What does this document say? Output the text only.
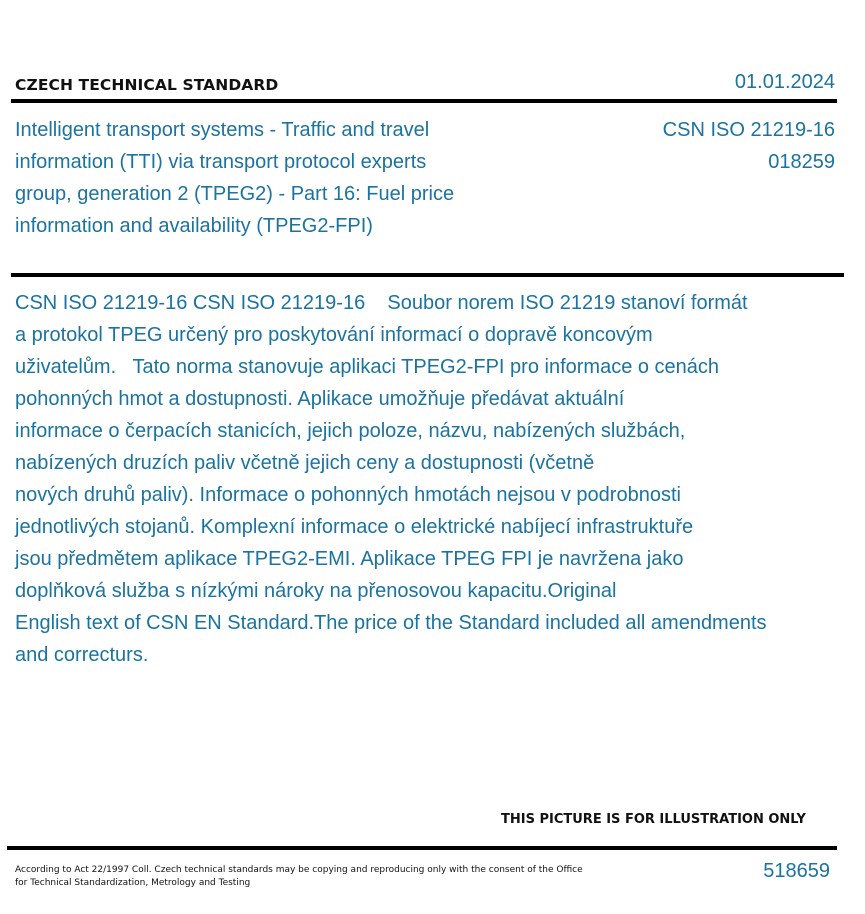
CZECH TECHNICAL STANDARD	01.01.2024
Intelligent transport systems - Traffic and travel
information (TTI) via transport protocol experts
group, generation 2 (TPEG2) - Part 16: Fuel price
information and availability (TPEG2-FPI)
CSN ISO 21219-16
018259
CSN ISO 21219-16 CSN ISO 21219-16    Soubor norem ISO 21219 stanoví formát
a protokol TPEG určený pro poskytování informací o dopravě koncovým
uživatelům.   Tato norma stanovuje aplikaci TPEG2-FPI pro informace o cenách
pohonných hmot a dostupnosti. Aplikace umožňuje předávat aktuální
informace o čerpacích stanicích, jejich poloze, názvu, nabízených službách,
nabízených druzích paliv včetně jejich ceny a dostupnosti (včetně
nových druhů paliv). Informace o pohonných hmotách nejsou v podrobnosti
jednotlivých stojanů. Komplexní informace o elektrické nabíjecí infrastruktuře
jsou předmětem aplikace TPEG2-EMI. Aplikace TPEG FPI je navržena jako
doplňková služba s nízkými nároky na přenosovou kapacitu.Original
English text of CSN EN Standard.The price of the Standard included all amendments
and correcturs.
THIS PICTURE IS FOR ILLUSTRATION ONLY
According to Act 22/1997 Coll. Czech technical standards may be copying and reproducing only with the consent of the Office
for Technical Standardization, Metrology and Testing
518659
